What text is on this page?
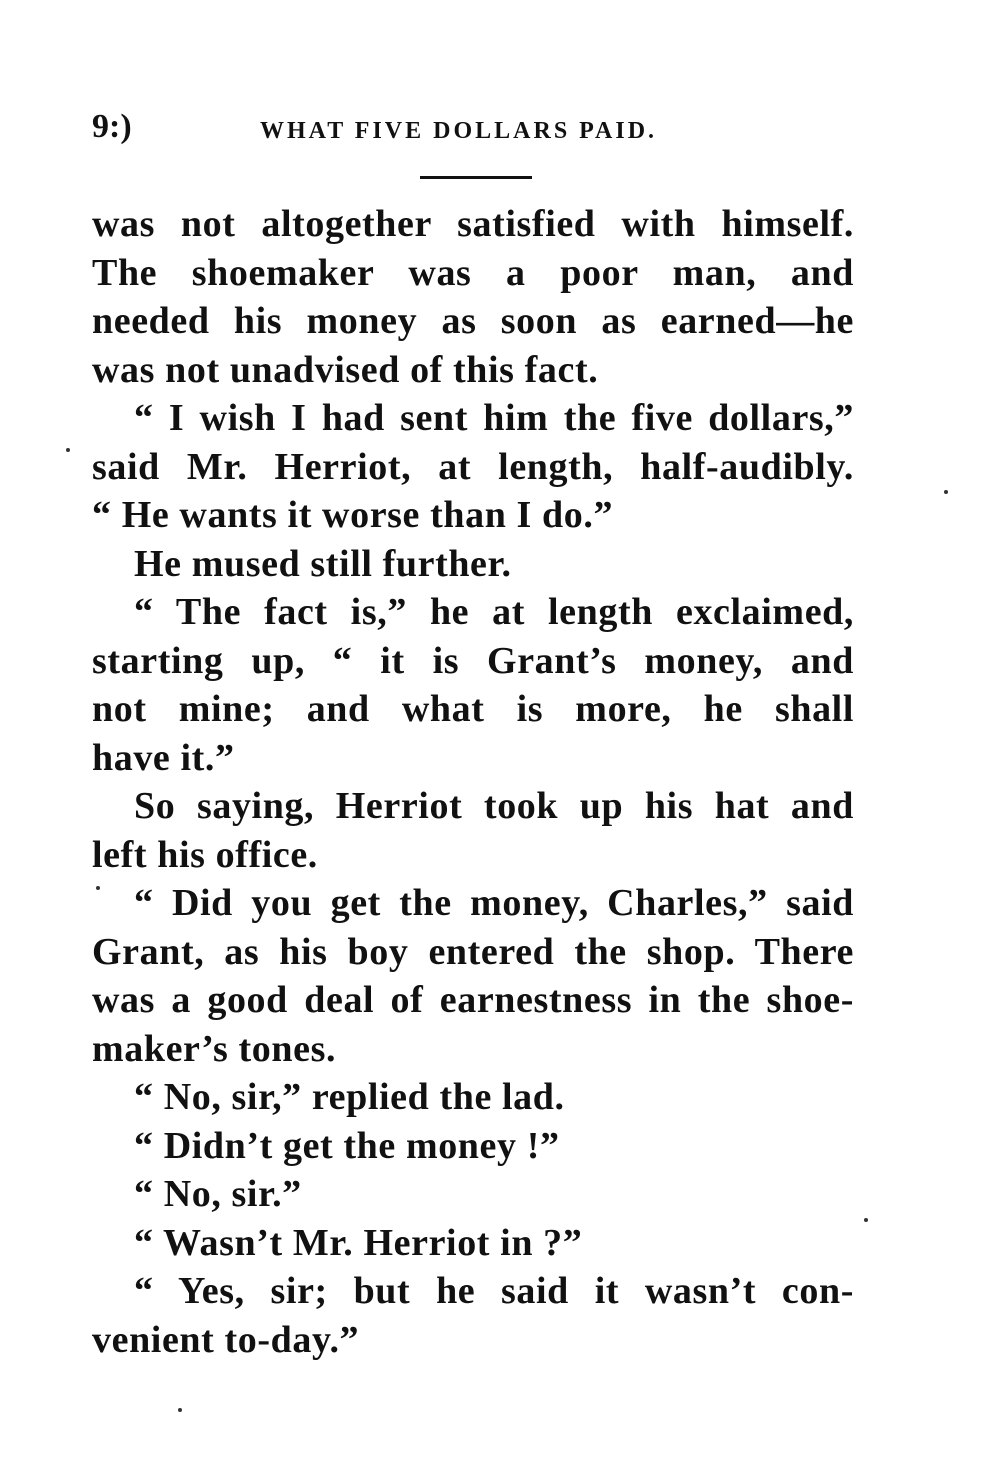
9:)	WHAT FIVE DOLLARS PAID.
was not altogether satisfied with himself.
The shoemaker was a poor man, and
needed his money as soon as earned—he
was not unadvised of this fact.
“ I wish I had sent him the five dollars,”
said Mr. Herriot, at length, half-audibly.
“ He wants it worse than I do.”
He mused still further.
“ The fact is,” he at length exclaimed,
starting up, “ it is Grant’s money, and
not mine; and what is more, he shall
have it.”
So saying, Herriot took up his hat and
left his office.
“ Did you get the money, Charles,” said
Grant, as his boy entered the shop. There
was a good deal of earnestness in the shoe-
maker’s tones.
“ No, sir,” replied the lad.
“ Didn’t get the money !”
“ No, sir.”
“ Wasn’t Mr. Herriot in ?”
“ Yes, sir; but he said it wasn’t con-
venient to-day.”
